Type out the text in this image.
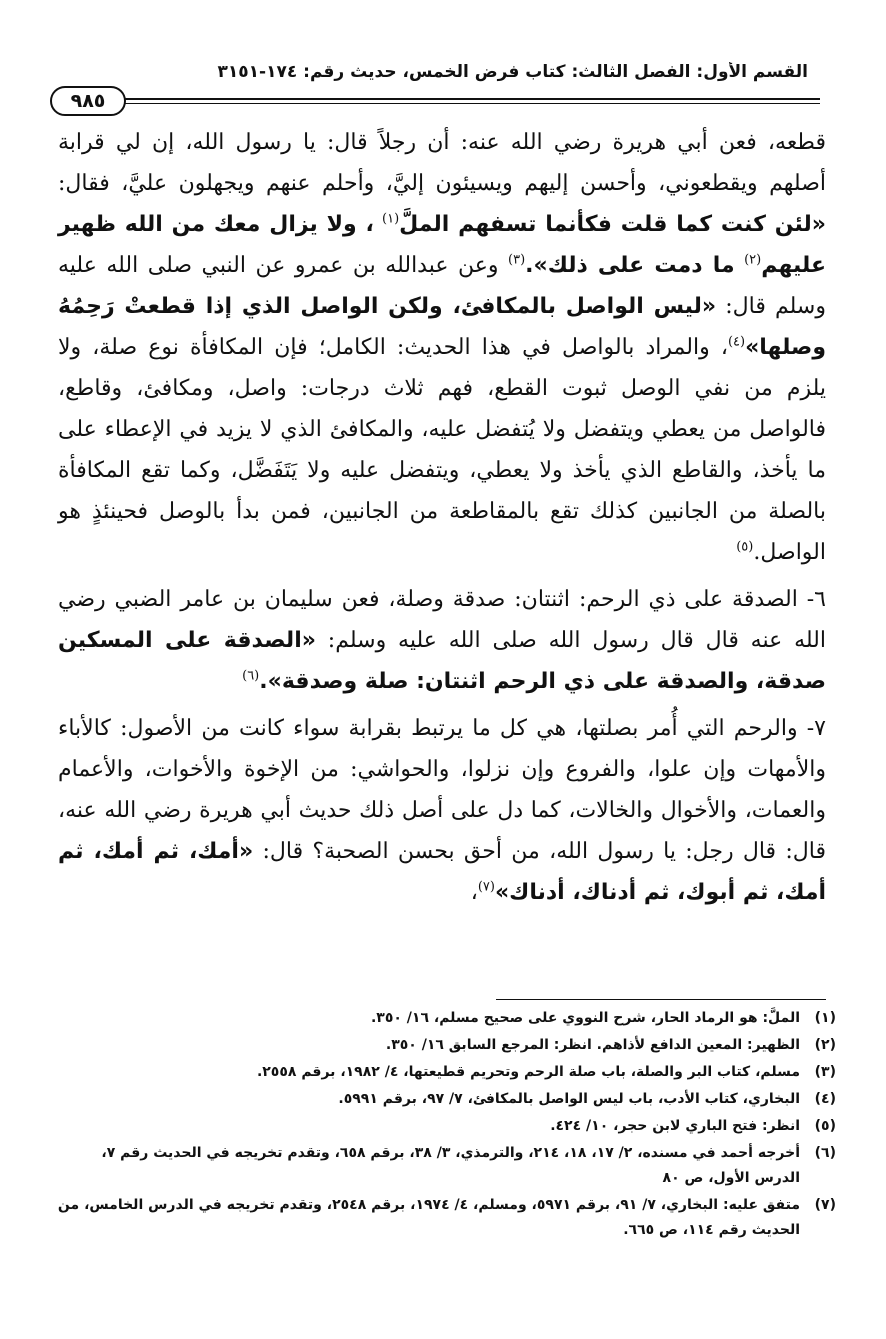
القسم الأول: الفصل الثالث: كتاب فرض الخمس، حديث رقم: ١٧٤-٣١٥١
٩٨٥

قطعه، فعن أبي هريرة رضي الله عنه: أن رجلاً قال: يا رسول الله، إن لي قرابة أصلهم ويقطعوني، وأحسن إليهم ويسيئون إليَّ، وأحلم عنهم ويجهلون عليَّ، فقال: «لئن كنت كما قلت فكأنما تسفهم الملَّ$^{(١)}$ ، ولا يزال معك من الله ظهير عليهم$^{(٢)}$ ما دمت على ذلك».$^{(٣)}$ وعن عبدالله بن عمرو عن النبي صلى الله عليه وسلم قال: «ليس الواصل بالمكافئ، ولكن الواصل الذي إذا قطعتْ رَحِمُهُ وصلها»$^{(٤)}$، والمراد بالواصل في هذا الحديث: الكامل؛ فإن المكافأة نوع صلة، ولا يلزم من نفي الوصل ثبوت القطع، فهم ثلاث درجات: واصل، ومكافئ، وقاطع، فالواصل من يعطي ويتفضل ولا يُتفضل عليه، والمكافئ الذي لا يزيد في الإعطاء على ما يأخذ، والقاطع الذي يأخذ ولا يعطي، ويتفضل عليه ولا يَتَفَضَّل، وكما تقع المكافأة بالصلة من الجانبين كذلك تقع بالمقاطعة من الجانبين، فمن بدأ بالوصل فحينئذٍ هو الواصل.$^{(٥)}$

٦- الصدقة على ذي الرحم: اثنتان: صدقة وصلة، فعن سليمان بن عامر الضبي رضي الله عنه قال قال رسول الله صلى الله عليه وسلم: «الصدقة على المسكين صدقة، والصدقة على ذي الرحم اثنتان: صلة وصدقة».$^{(٦)}$

٧- والرحم التي أُمر بصلتها، هي كل ما يرتبط بقرابة سواء كانت من الأصول: كالأباء والأمهات وإن علوا، والفروع وإن نزلوا، والحواشي: من الإخوة والأخوات، والأعمام والعمات، والأخوال والخالات، كما دل على أصل ذلك حديث أبي هريرة رضي الله عنه، قال: قال رجل: يا رسول الله، من أحق بحسن الصحبة؟ قال: «أمك، ثم أمك، ثم أمك، ثم أبوك، ثم أدناك، أدناك»$^{(٧)}$،

(١)
الملَّ: هو الرماد الحار، شرح النووي على صحيح مسلم، ١٦/ ٣٥٠.
(٢)
الظهير: المعين الدافع لأذاهم. انظر: المرجع السابق ١٦/ ٣٥٠.
(٣)
مسلم، كتاب البر والصلة، باب صلة الرحم وتحريم قطيعتها، ٤/ ١٩٨٢، برقم ٢٥٥٨.
(٤)
البخاري، كتاب الأدب، باب ليس الواصل بالمكافئ، ٧/ ٩٧، برقم ٥٩٩١.
(٥)
انظر: فتح الباري لابن حجر، ١٠/ ٤٢٤.
(٦)
أخرجه أحمد في مسنده، ٢/ ١٧، ١٨، ٢١٤، والترمذي، ٣/ ٣٨، برقم ٦٥٨، وتقدم تخريجه في الحديث رقم ٧، الدرس الأول، ص ٨٠
(٧)
متفق عليه: البخاري، ٧/ ٩١، برقم ٥٩٧١، ومسلم، ٤/ ١٩٧٤، برقم ٢٥٤٨، وتقدم تخريجه في الدرس الخامس، من الحديث رقم ١١٤، ص ٦٦٥.
